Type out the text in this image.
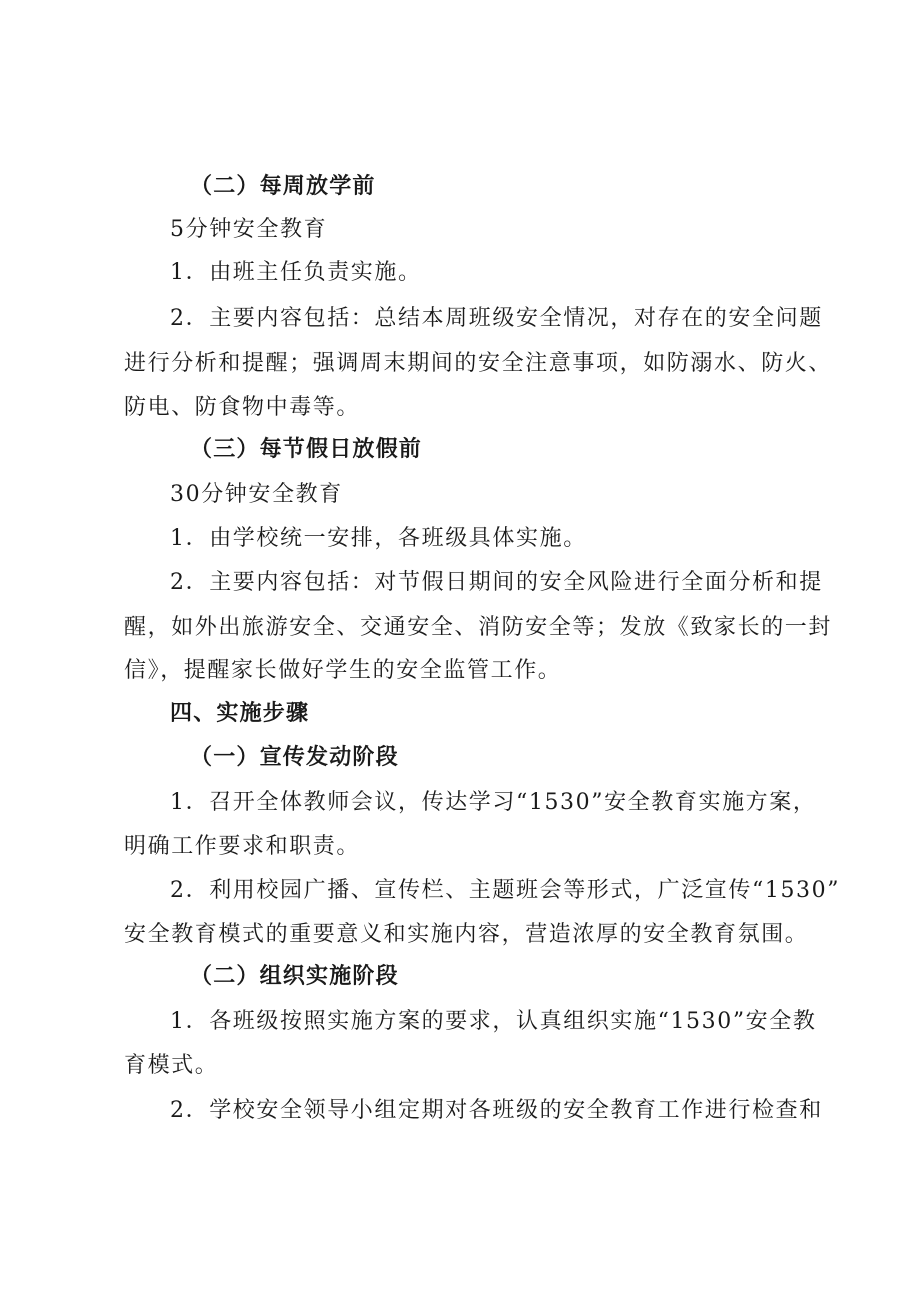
（二）每周放学前
5分钟安全教育
1．由班主任负责实施。
2．主要内容包括：总结本周班级安全情况，对存在的安全问题
进行分析和提醒；强调周末期间的安全注意事项，如防溺水、防火、
防电、防食物中毒等。
（三）每节假日放假前
30分钟安全教育
1．由学校统一安排，各班级具体实施。
2．主要内容包括：对节假日期间的安全风险进行全面分析和提
醒，如外出旅游安全、交通安全、消防安全等；发放《致家长的一封
信》，提醒家长做好学生的安全监管工作。
四、实施步骤
（一）宣传发动阶段
1．召开全体教师会议，传达学习“1530”安全教育实施方案，
明确工作要求和职责。
2．利用校园广播、宣传栏、主题班会等形式，广泛宣传“1530”
安全教育模式的重要意义和实施内容，营造浓厚的安全教育氛围。
（二）组织实施阶段
1．各班级按照实施方案的要求，认真组织实施“1530”安全教
育模式。
2．学校安全领导小组定期对各班级的安全教育工作进行检查和
